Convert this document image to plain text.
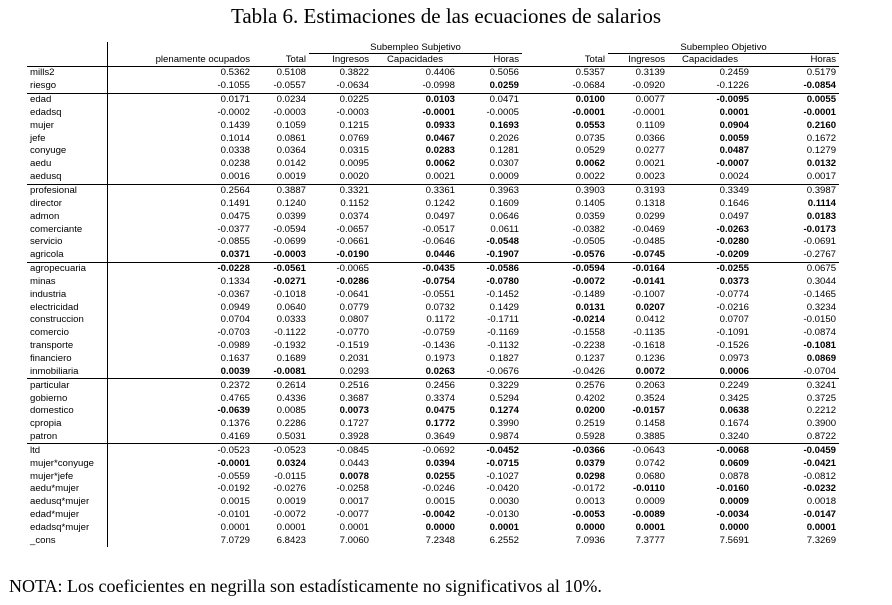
Tabla 6. Estimaciones de las ecuaciones de salarios
			Subempleo Subjetivo				Subempleo Objetivo		
	plenamente ocupados	Total	Ingresos	Capacidades	Horas	Total	Ingresos	Capacidades	Horas
mills2	0.5362	0.5108	0.3822	0.4406	0.5056	0.5357	0.3139	0.2459	0.5179
riesgo	-0.1055	-0.0557	-0.0634	-0.0998	0.0259	-0.0684	-0.0920	-0.1226	-0.0854
edad	0.0171	0.0234	0.0225	0.0103	0.0471	0.0100	0.0077	-0.0095	0.0055
edadsq	-0.0002	-0.0003	-0.0003	-0.0001	-0.0005	-0.0001	-0.0001	0.0001	-0.0001
mujer	0.1439	0.1059	0.1215	0.0933	0.1693	0.0553	0.1109	0.0904	0.2160
jefe	0.1014	0.0861	0.0769	0.0467	0.2026	0.0735	0.0366	0.0059	0.1672
conyuge	0.0338	0.0364	0.0315	0.0283	0.1281	0.0529	0.0277	0.0487	0.1279
aedu	0.0238	0.0142	0.0095	0.0062	0.0307	0.0062	0.0021	-0.0007	0.0132
aedusq	0.0016	0.0019	0.0020	0.0021	0.0009	0.0022	0.0023	0.0024	0.0017
profesional	0.2564	0.3887	0.3321	0.3361	0.3963	0.3903	0.3193	0.3349	0.3987
director	0.1491	0.1240	0.1152	0.1242	0.1609	0.1405	0.1318	0.1646	0.1114
admon	0.0475	0.0399	0.0374	0.0497	0.0646	0.0359	0.0299	0.0497	0.0183
comerciante	-0.0377	-0.0594	-0.0657	-0.0517	0.0611	-0.0382	-0.0469	-0.0263	-0.0173
servicio	-0.0855	-0.0699	-0.0661	-0.0646	-0.0548	-0.0505	-0.0485	-0.0280	-0.0691
agricola	0.0371	-0.0003	-0.0190	0.0446	-0.1907	-0.0576	-0.0745	-0.0209	-0.2767
agropecuaria	-0.0228	-0.0561	-0.0065	-0.0435	-0.0586	-0.0594	-0.0164	-0.0255	0.0675
minas	0.1334	-0.0271	-0.0286	-0.0754	-0.0780	-0.0072	-0.0141	0.0373	0.3044
industria	-0.0367	-0.1018	-0.0641	-0.0551	-0.1452	-0.1489	-0.1007	-0.0774	-0.1465
electricidad	0.0949	0.0640	0.0779	0.0732	0.1429	0.0131	0.0207	-0.0216	0.3234
construccion	0.0704	0.0333	0.0807	0.1172	-0.1711	-0.0214	0.0412	0.0707	-0.0150
comercio	-0.0703	-0.1122	-0.0770	-0.0759	-0.1169	-0.1558	-0.1135	-0.1091	-0.0874
transporte	-0.0989	-0.1932	-0.1519	-0.1436	-0.1132	-0.2238	-0.1618	-0.1526	-0.1081
financiero	0.1637	0.1689	0.2031	0.1973	0.1827	0.1237	0.1236	0.0973	0.0869
inmobiliaria	0.0039	-0.0081	0.0293	0.0263	-0.0676	-0.0426	0.0072	0.0006	-0.0704
particular	0.2372	0.2614	0.2516	0.2456	0.3229	0.2576	0.2063	0.2249	0.3241
gobierno	0.4765	0.4336	0.3687	0.3374	0.5294	0.4202	0.3524	0.3425	0.3725
domestico	-0.0639	0.0085	0.0073	0.0475	0.1274	0.0200	-0.0157	0.0638	0.2212
cpropia	0.1376	0.2286	0.1727	0.1772	0.3990	0.2519	0.1458	0.1674	0.3900
patron	0.4169	0.5031	0.3928	0.3649	0.9874	0.5928	0.3885	0.3240	0.8722
ltd	-0.0523	-0.0523	-0.0845	-0.0692	-0.0452	-0.0366	-0.0643	-0.0068	-0.0459
mujer*conyuge	-0.0001	0.0324	0.0443	0.0394	-0.0715	0.0379	0.0742	0.0609	-0.0421
mujer*jefe	-0.0559	-0.0115	0.0078	0.0255	-0.1027	0.0298	0.0680	0.0878	-0.0812
aedu*mujer	-0.0192	-0.0276	-0.0258	-0.0246	-0.0420	-0.0172	-0.0110	-0.0160	-0.0232
aedusq*mujer	0.0015	0.0019	0.0017	0.0015	0.0030	0.0013	0.0009	0.0009	0.0018
edad*mujer	-0.0101	-0.0072	-0.0077	-0.0042	-0.0130	-0.0053	-0.0089	-0.0034	-0.0147
edadsq*mujer	0.0001	0.0001	0.0001	0.0000	0.0001	0.0000	0.0001	0.0000	0.0001
_cons	7.0729	6.8423	7.0060	7.2348	6.2552	7.0936	7.3777	7.5691	7.3269
NOTA: Los coeficientes en negrilla son estadísticamente no significativos al 10%.
